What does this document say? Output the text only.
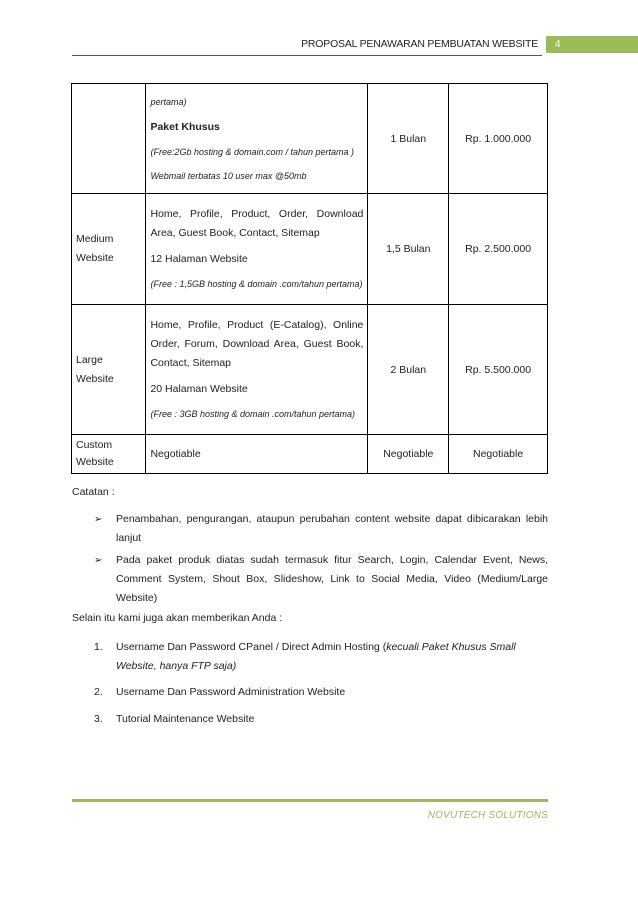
PROPOSAL PENAWARAN PEMBUATAN WEBSITE	4

	pertama)
Paket Khusus
(Free:2Gb hosting & domain.com / tahun pertama )
Webmail terbatas 10 user max @50mb	1 Bulan	Rp. 1.000.000
Medium Website	Home, Profile, Product, Order, Download Area, Guest Book, Contact, Sitemap
12 Halaman Website
(Free : 1,5GB hosting & domain .com/tahun pertama)	1,5 Bulan	Rp. 2.500.000
Large Website	Home, Profile, Product (E-Catalog), Online Order, Forum, Download Area, Guest Book, Contact, Sitemap
20 Halaman Website
(Free : 3GB hosting & domain .com/tahun pertama)	2 Bulan	Rp. 5.500.000
Custom Website	Negotiable	Negotiable	Negotiable
Catatan :
➢ Penambahan, pengurangan, ataupun perubahan content website dapat dibicarakan lebih lanjut
➢ Pada paket produk diatas sudah termasuk fitur Search, Login, Calendar Event, News, Comment System, Shout Box, Slideshow, Link to Social Media, Video (Medium/Large Website)
Selain itu kami juga akan memberikan Anda :
1. Username Dan Password CPanel / Direct Admin Hosting (kecuali Paket Khusus Small Website, hanya FTP saja)
2. Username Dan Password Administration Website
3. Tutorial Maintenance Website
NOVUTECH SOLUTIONS
